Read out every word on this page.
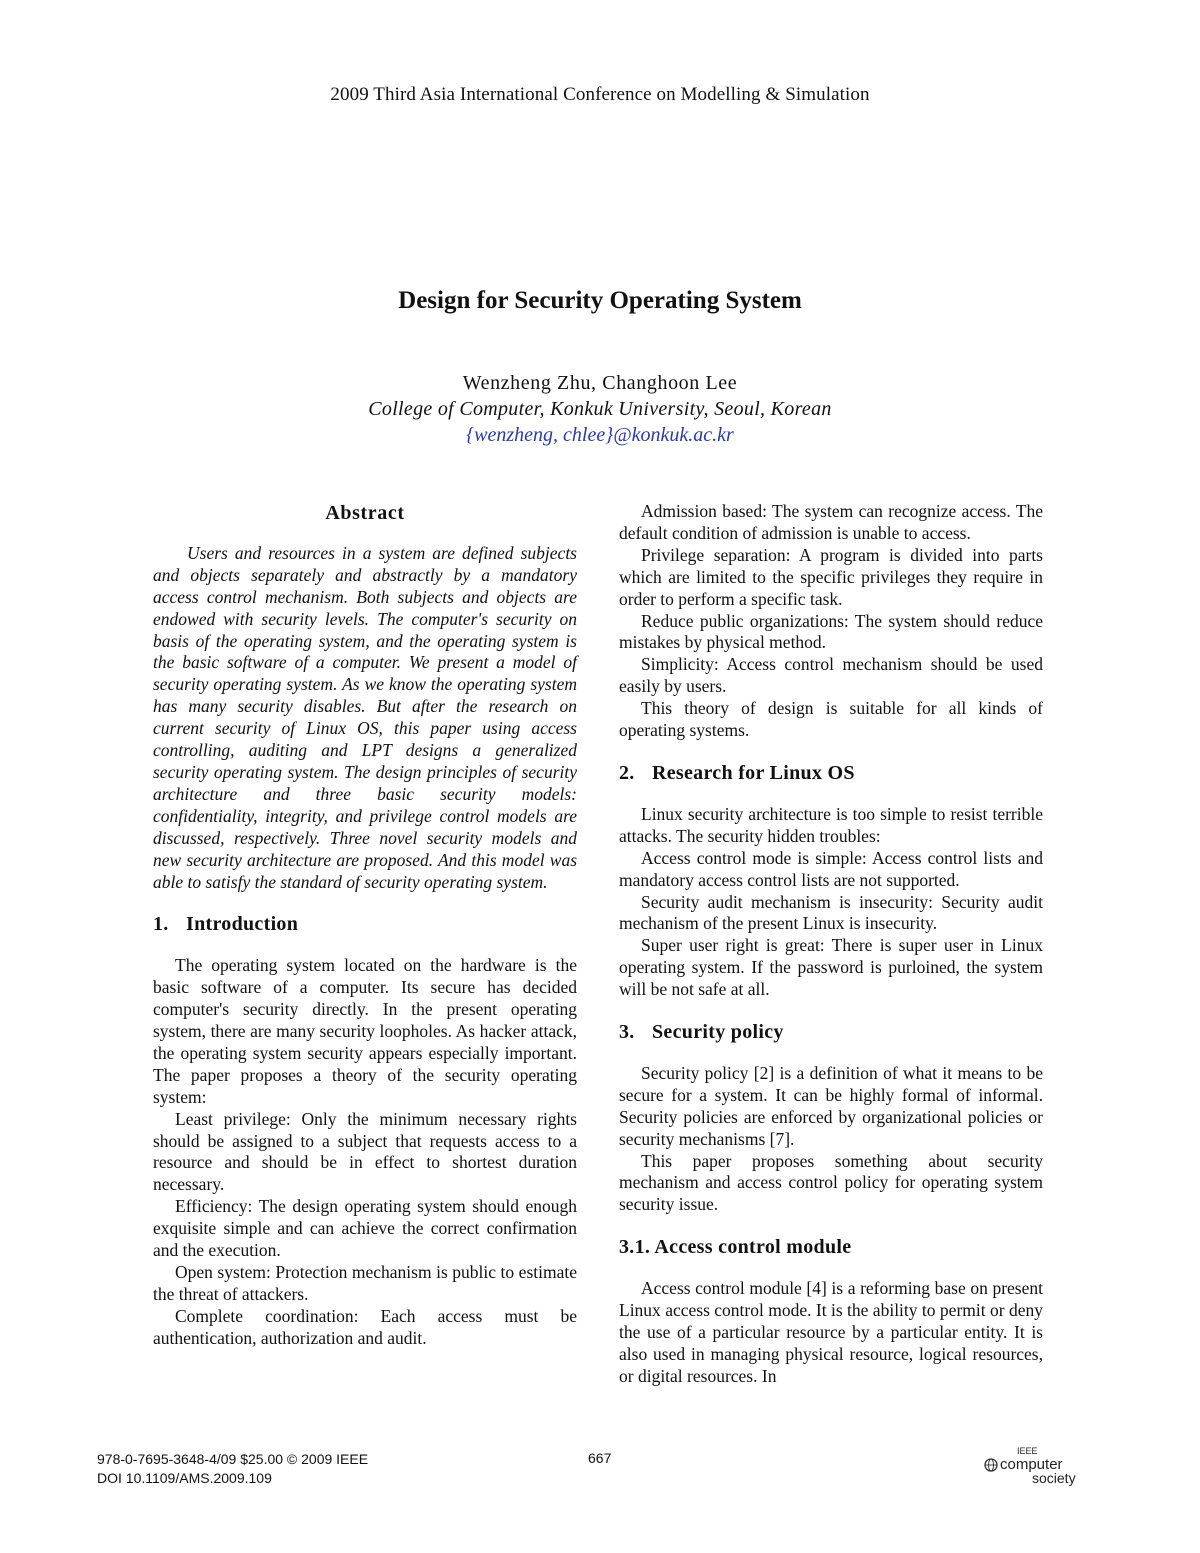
2009 Third Asia International Conference on Modelling & Simulation
Design for Security Operating System
Wenzheng Zhu, Changhoon Lee
College of Computer, Konkuk University, Seoul, Korean
{wenzheng, chlee}@konkuk.ac.kr
Abstract

Users and resources in a system are defined subjects and objects separately and abstractly by a mandatory access control mechanism. Both subjects and objects are endowed with security levels. The computer's security on basis of the operating system, and the operating system is the basic software of a computer. We present a model of security operating system. As we know the operating system has many security disables. But after the research on current security of Linux OS, this paper using access controlling, auditing and LPT designs a generalized security operating system. The design principles of security architecture and three basic security models: confidentiality, integrity, and privilege control models are discussed, respectively. Three novel security models and new security architecture are proposed. And this model was able to satisfy the standard of security operating system.

1. Introduction

The operating system located on the hardware is the basic software of a computer. Its secure has decided computer's security directly. In the present operating system, there are many security loopholes. As hacker attack, the operating system security appears especially important. The paper proposes a theory of the security operating system:

Least privilege: Only the minimum necessary rights should be assigned to a subject that requests access to a resource and should be in effect to shortest duration necessary.

Efficiency: The design operating system should enough exquisite simple and can achieve the correct confirmation and the execution.

Open system: Protection mechanism is public to estimate the threat of attackers.

Complete coordination: Each access must be authentication, authorization and audit.

Admission based: The system can recognize access. The default condition of admission is unable to access.

Privilege separation: A program is divided into parts which are limited to the specific privileges they require in order to perform a specific task.

Reduce public organizations: The system should reduce mistakes by physical method.

Simplicity: Access control mechanism should be used easily by users.

This theory of design is suitable for all kinds of operating systems.

2. Research for Linux OS

Linux security architecture is too simple to resist terrible attacks. The security hidden troubles:

Access control mode is simple: Access control lists and mandatory access control lists are not supported.

Security audit mechanism is insecurity: Security audit mechanism of the present Linux is insecurity.

Super user right is great: There is super user in Linux operating system. If the password is purloined, the system will be not safe at all.

3. Security policy

Security policy [2] is a definition of what it means to be secure for a system. It can be highly formal of informal. Security policies are enforced by organizational policies or security mechanisms [7].

This paper proposes something about security mechanism and access control policy for operating system security issue.

3.1. Access control module

Access control module [4] is a reforming base on present Linux access control mode. It is the ability to permit or deny the use of a particular resource by a particular entity. It is also used in managing physical resource, logical resources, or digital resources. In

978-0-7695-3648-4/09 $25.00 © 2009 IEEE
DOI 10.1109/AMS.2009.109
667	IEEE
computer
society
